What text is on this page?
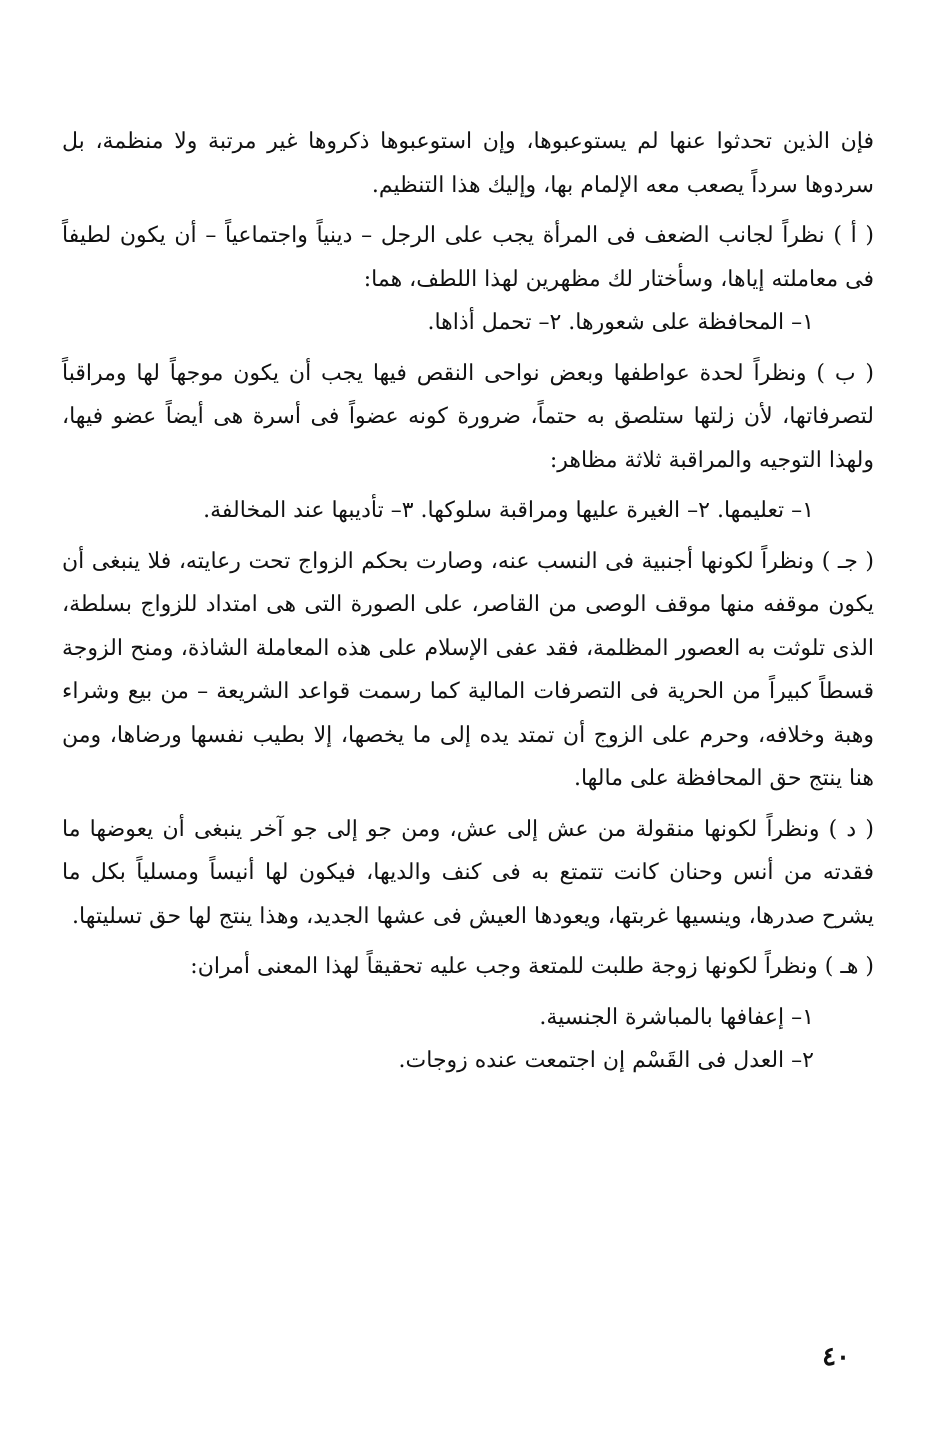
فإن الذين تحدثوا عنها لم يستوعبوها، وإن استوعبوها ذكروها غير مرتبة ولا منظمة، بل سردوها سرداً يصعب معه الإلمام بها، وإليك هذا التنظيم.

( أ ) نظراً لجانب الضعف فى المرأة يجب على الرجل – دينياً واجتماعياً – أن يكون لطيفاً فى معاملته إياها، وسأختار لك مظهرين لهذا اللطف، هما:

١– المحافظة على شعورها. ٢– تحمل أذاها.

( ب ) ونظراً لحدة عواطفها وبعض نواحى النقص فيها يجب أن يكون موجهاً لها ومراقباً لتصرفاتها، لأن زلتها ستلصق به حتماً، ضرورة كونه عضواً فى أسرة هى أيضاً عضو فيها، ولهذا التوجيه والمراقبة ثلاثة مظاهر:

١– تعليمها. ٢– الغيرة عليها ومراقبة سلوكها. ٣– تأديبها عند المخالفة.

( جـ ) ونظراً لكونها أجنبية فى النسب عنه، وصارت بحكم الزواج تحت رعايته، فلا ينبغى أن يكون موقفه منها موقف الوصى من القاصر، على الصورة التى هى امتداد للزواج بسلطة، الذى تلوثت به العصور المظلمة، فقد عفى الإسلام على هذه المعاملة الشاذة، ومنح الزوجة قسطاً كبيراً من الحرية فى التصرفات المالية كما رسمت قواعد الشريعة – من بيع وشراء وهبة وخلافه، وحرم على الزوج أن تمتد يده إلى ما يخصها، إلا بطيب نفسها ورضاها، ومن هنا ينتج حق المحافظة على مالها.

( د ) ونظراً لكونها منقولة من عش إلى عش، ومن جو إلى جو آخر ينبغى أن يعوضها ما فقدته من أنس وحنان كانت تتمتع به فى كنف والديها، فيكون لها أنيساً ومسلياً بكل ما يشرح صدرها، وينسيها غربتها، ويعودها العيش فى عشها الجديد، وهذا ينتج لها حق تسليتها.

( هـ ) ونظراً لكونها زوجة طلبت للمتعة وجب عليه تحقيقاً لهذا المعنى أمران:

١– إعفافها بالمباشرة الجنسية.

٢– العدل فى القَسْم إن اجتمعت عنده زوجات.

٤٠
